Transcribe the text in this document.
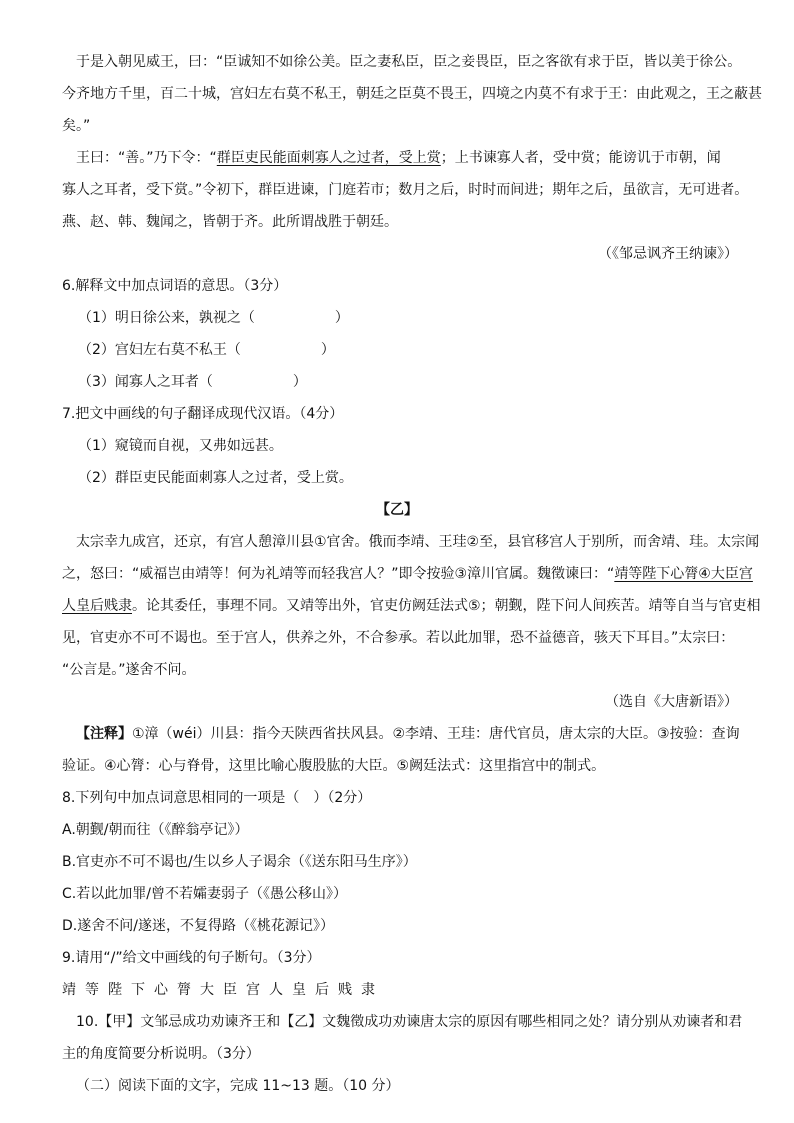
于是入朝见威王，曰：“臣诚知不如徐公美。臣之妻私臣，臣之妾畏臣，臣之客欲有求于臣，皆以美于徐公。
今齐地方千里，百二十城，宫妇左右莫不私王，朝廷之臣莫不畏王，四境之内莫不有求于王：由此观之，王之蔽甚
矣。”
王曰：“善。”乃下令：“群臣吏民能面刺寡人之过者，受上赏；上书谏寡人者，受中赏；能谤讥于市朝，闻
寡人之耳者，受下赏。”令初下，群臣进谏，门庭若市；数月之后，时时而间进；期年之后，虽欲言，无可进者。
燕、赵、韩、魏闻之，皆朝于齐。此所谓战胜于朝廷。
（《邹忌讽齐王纳谏》）
6.解释文中加点词语的意思。（3分）
（1）明日徐公来，孰视之（	）
（2）宫妇左右莫不私王（	）
（3）闻寡人之耳者（	）
7.把文中画线的句子翻译成现代汉语。（4分）
（1）窥镜而自视，又弗如远甚。
（2）群臣吏民能面刺寡人之过者，受上赏。
【乙】
太宗幸九成宫，还京，有宫人憩漳川县①官舍。俄而李靖、王珪②至，县官移宫人于别所，而舍靖、珪。太宗闻
之，怒曰：“威福岂由靖等！何为礼靖等而轻我宫人？”即令按验③漳川官属。魏徵谏曰：“靖等陛下心膂④大臣宫
人皇后贱隶。论其委任，事理不同。又靖等出外，官吏仿阙廷法式⑤；朝觐，陛下问人间疾苦。靖等自当与官吏相
见，官吏亦不可不谒也。至于宫人，供养之外，不合参承。若以此加罪，恐不益德音，骇天下耳目。”太宗曰：
“公言是。”遂舍不问。
（选自《大唐新语》）
【注释】①漳（wéi）川县：指今天陕西省扶风县。②李靖、王珪：唐代官员，唐太宗的大臣。③按验：查询
验证。④心膂：心与脊骨，这里比喻心腹股肱的大臣。⑤阙廷法式：这里指宫中的制式。
8.下列句中加点词意思相同的一项是（　）（2分）
A.朝觐/朝而往（《醉翁亭记》）
B.官吏亦不可不谒也/生以乡人子谒余（《送东阳马生序》）
C.若以此加罪/曾不若孀妻弱子（《愚公移山》）
D.遂舍不问/遂迷，不复得路（《桃花源记》）
9.请用“/”给文中画线的句子断句。（3分）
靖等陛下心膂大臣宫人皇后贱隶
10.【甲】文邹忌成功劝谏齐王和【乙】文魏徵成功劝谏唐太宗的原因有哪些相同之处？请分别从劝谏者和君
主的角度简要分析说明。（3分）
（二）阅读下面的文字，完成 11~13 题。（10 分）
